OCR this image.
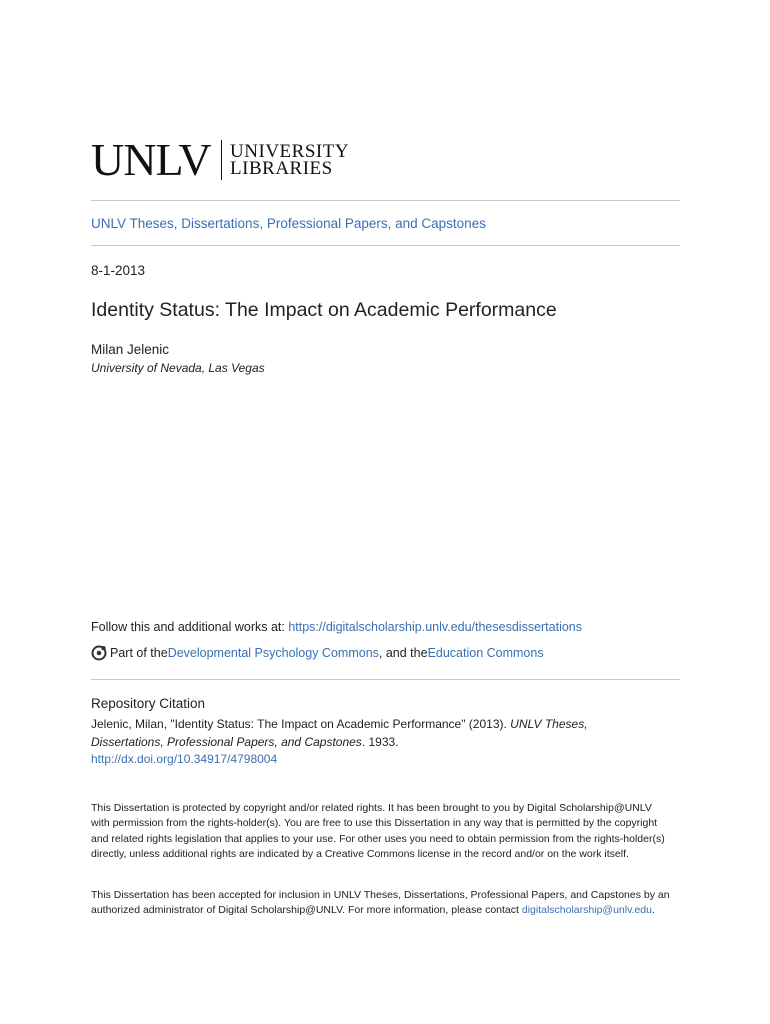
UNLV UNIVERSITY
LIBRARIES
UNLV Theses, Dissertations, Professional Papers, and Capstones
8-1-2013
Identity Status: The Impact on Academic Performance
Milan Jelenic
University of Nevada, Las Vegas
Follow this and additional works at: https://digitalscholarship.unlv.edu/thesesdissertations
Part of the Developmental Psychology Commons , and the Education Commons
Repository Citation
Jelenic, Milan, "Identity Status: The Impact on Academic Performance" (2013). UNLV Theses, Dissertations, Professional Papers, and Capstones. 1933.
http://dx.doi.org/10.34917/4798004
This Dissertation is protected by copyright and/or related rights. It has been brought to you by Digital Scholarship@UNLV with permission from the rights-holder(s). You are free to use this Dissertation in any way that is permitted by the copyright and related rights legislation that applies to your use. For other uses you need to obtain permission from the rights-holder(s) directly, unless additional rights are indicated by a Creative Commons license in the record and/or on the work itself.
This Dissertation has been accepted for inclusion in UNLV Theses, Dissertations, Professional Papers, and Capstones by an authorized administrator of Digital Scholarship@UNLV. For more information, please contact digitalscholarship@unlv.edu.
